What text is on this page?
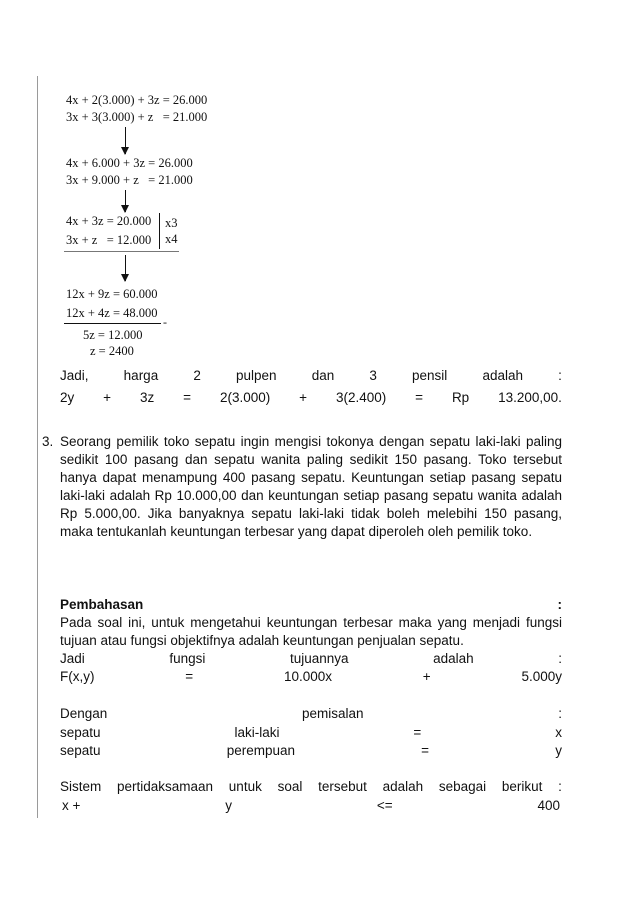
4x + 2(3.000) + 3z = 26.000
3x + 3(3.000) + z   = 21.000
4x + 6.000 + 3z = 26.000
3x + 9.000 + z   = 21.000
4x + 3z = 20.000
3x + z   = 12.000
x3
x4
12x + 9z = 60.000
12x + 4z = 48.000
-
5z = 12.000
z = 2400
Jadi,	harga	2	pulpen	dan	3	pensil	adalah	:
2y + 3z = 2(3.000) + 3(2.400) = Rp 13.200,00.
3. Seorang pemilik toko sepatu ingin mengisi tokonya dengan sepatu laki-laki paling sedikit 100 pasang dan sepatu wanita paling sedikit 150 pasang. Toko tersebut hanya dapat menampung 400 pasang sepatu. Keuntungan setiap pasang sepatu laki-laki adalah Rp 10.000,00 dan keuntungan setiap pasang sepatu wanita adalah Rp 5.000,00. Jika banyaknya sepatu laki-laki tidak boleh melebihi 150 pasang, maka tentukanlah keuntungan terbesar yang dapat diperoleh oleh pemilik toko.
Pembahasan	:
Pada soal ini, untuk mengetahui keuntungan terbesar maka yang menjadi fungsi tujuan atau fungsi objektifnya adalah keuntungan penjualan sepatu.
Jadi	fungsi	tujuannya	adalah	:
F(x,y)	=	10.000x	+	5.000y
Dengan	pemisalan	:
sepatu	laki-laki	=	x
sepatu	perempuan	=	y
Sistem pertidaksamaan untuk soal tersebut adalah sebagai berikut :
x +	y	<=	400
